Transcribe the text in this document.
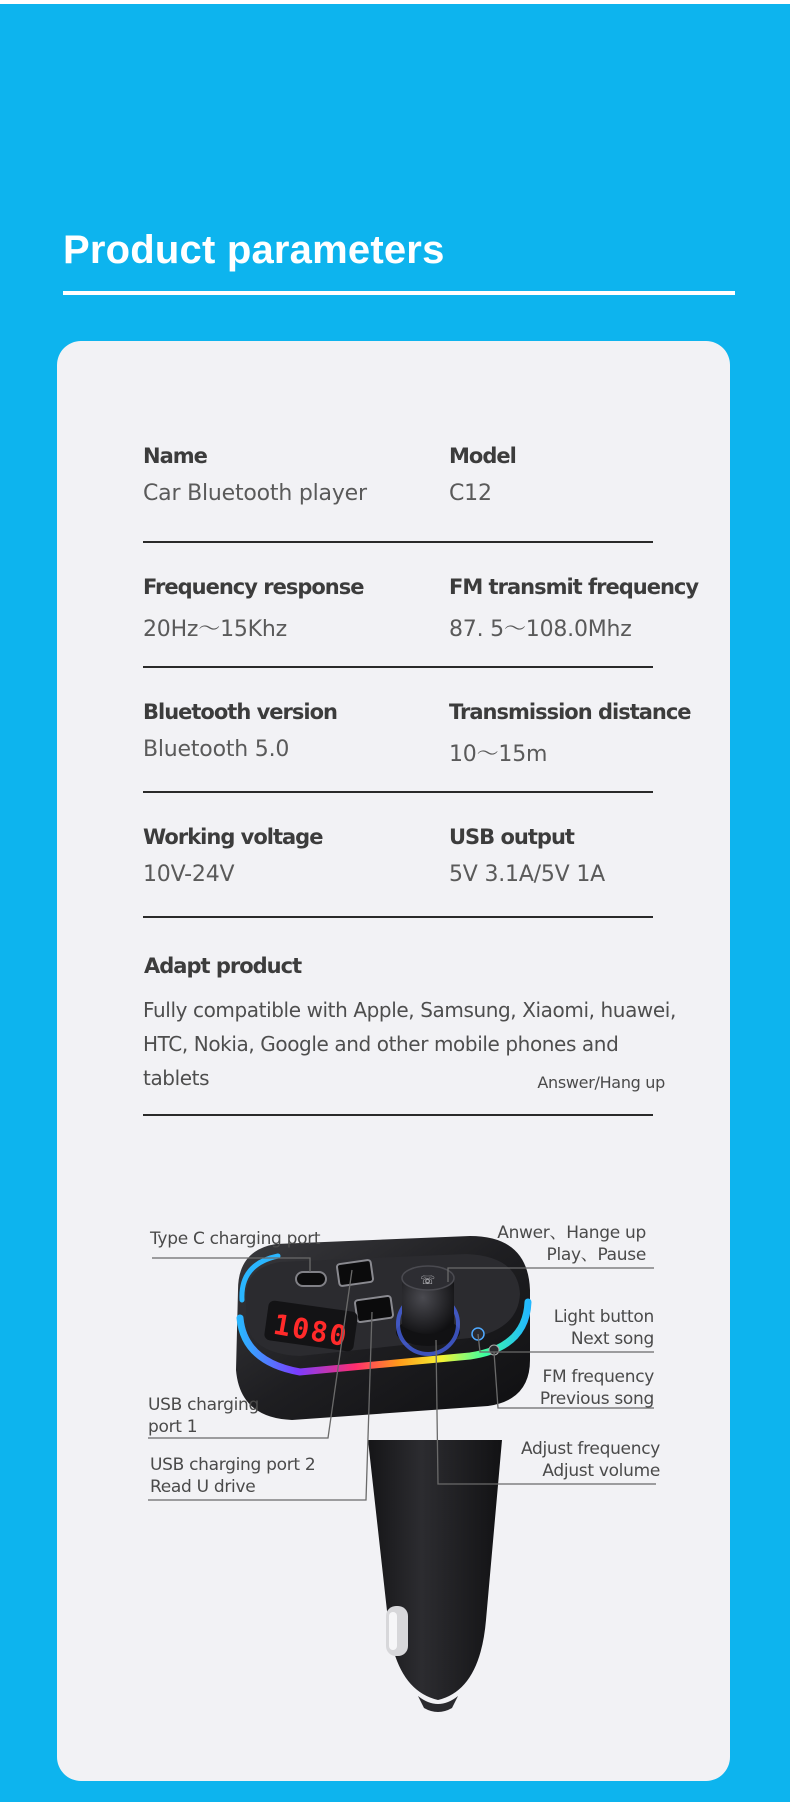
Product parameters
Name
Car Bluetooth player
Model
C12
Frequency response
20Hz～15Khz
FM transmit frequency
87. 5～108.0Mhz
Bluetooth version
Bluetooth 5.0
Transmission distance
10～15m
Working voltage
10V-24V
USB output
5V 3.1A/5V 1A
Adapt product
Fully compatible with Apple, Samsung, Xiaomi, huawei, HTC, Nokia, Google and other mobile phones and tablets	Answer/Hang up
1080
☏
Type C charging port
USB charging
port 1
USB charging port 2
Read U drive
Anwer、Hange up
Play、Pause
Light button
Next song
FM frequency
Previous song
Adjust frequency
Adjust volume
